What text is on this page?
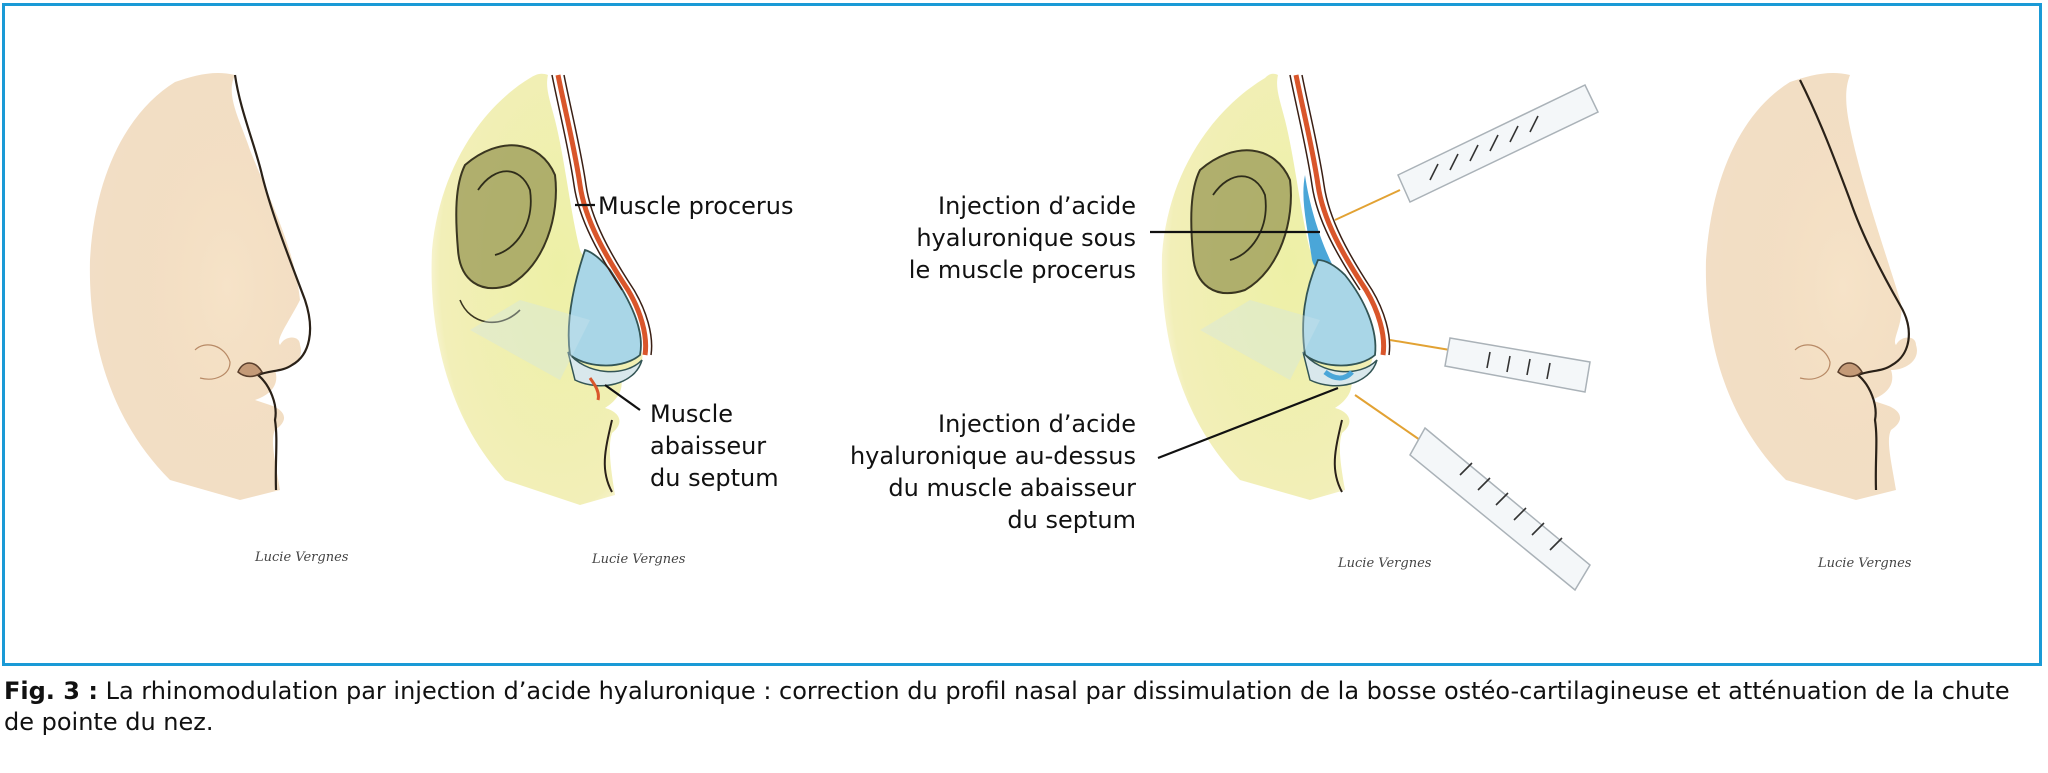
Muscle procerus
Muscle
abaisseur
du septum
Injection d’acide
hyaluronique sous
le muscle procerus
Injection d’acide
hyaluronique au-dessus
du muscle abaisseur
du septum
Lucie Vergnes	Lucie Vergnes	Lucie Vergnes	Lucie Vergnes
Fig. 3 : La rhinomodulation par injection d’acide hyaluronique : correction du profil nasal par dissimulation de la bosse ostéo-cartilagineuse et atténuation de la chute de pointe du nez.
